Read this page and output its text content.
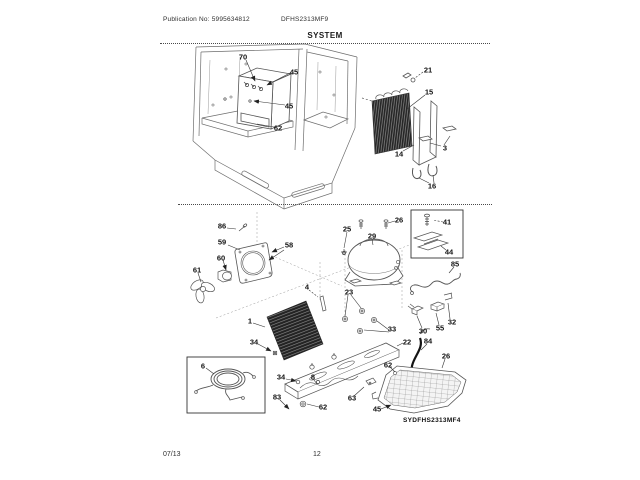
Publication No: 5995634812	DFHS2313MF9
SYSTEM
70
45
45
62
21
15
14
3
16
86
59	58
60
61
25
26
29
41
44
85
4
23
33
22
30 55
32
84
26
1
34
34	8
6
83
62
63
62
45
SYDFHS2313MF4
07/13	12
